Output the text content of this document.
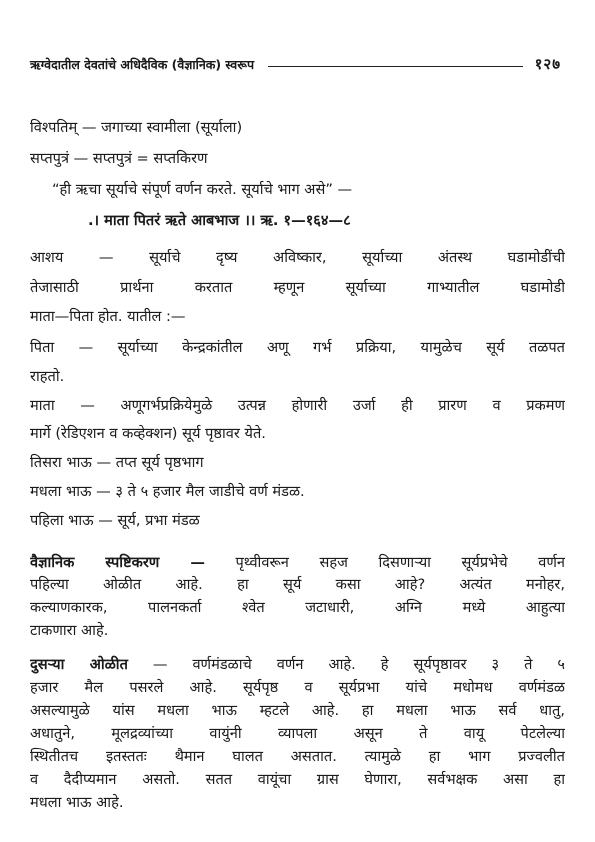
ऋग्वेदातील देवतांचे अधिदैविक (वैज्ञानिक) स्वरूप	१२७
विश्पतिम् — जगाच्या स्वामीला (सूर्याला)
सप्तपुत्रं — सप्तपुत्रं = सप्तकिरण
“ही ऋचा सूर्याचे संपूर्ण वर्णन करते. सूर्याचे भाग असे” —
.। माता पितरं ऋते आबभाज ।। ऋ. १—१६४—८
आशय — सूर्याचे दृष्य अविष्कार, सूर्याच्या अंतस्थ घडामोडींची
तेजासाठी प्रार्थना करतात म्हणून सूर्याच्या गाभ्यातील घडामोडी
माता—पिता होत. यातील :—
पिता — सूर्याच्या केन्द्रकांतील अणू गर्भ प्रक्रिया, यामुळेच सूर्य तळपत
राहतो.
माता — अणूगर्भप्रक्रियेमुळे उत्पन्न होणारी उर्जा ही प्रारण व प्रकमण
मार्गे (रेडिएशन व कव्हेक्शन) सूर्य पृष्ठावर येते.
तिसरा भाऊ — तप्त सूर्य पृष्ठभाग
मधला भाऊ — ३ ते ५ हजार मैल जाडीचे वर्ण मंडळ.
पहिला भाऊ — सूर्य, प्रभा मंडळ
वैज्ञानिक स्पष्टिकरण — पृथ्वीवरून सहज दिसणाऱ्या सूर्यप्रभेचे वर्णन
पहिल्या ओळीत आहे. हा सूर्य कसा आहे? अत्यंत मनोहर,
कल्याणकारक, पालनकर्ता श्वेत जटाधारी, अग्नि मध्ये आहुत्या
टाकणारा आहे.
दुसऱ्या ओळीत — वर्णमंडळाचे वर्णन आहे. हे सूर्यपृष्ठावर ३ ते ५
हजार मैल पसरले आहे. सूर्यपृष्ठ व सूर्यप्रभा यांचे मधोमध वर्णमंडळ
असल्यामुळे यांस मधला भाऊ म्हटले आहे. हा मधला भाऊ सर्व धातु,
अधातुने, मूलद्रव्यांच्या वायुंनी व्यापला असून ते वायू पेटलेल्या
स्थितीतच इतस्ततः थैमान घालत असतात. त्यामुळे हा भाग प्रज्वलीत
व दैदीप्यमान असतो. सतत वायूंचा ग्रास घेणारा, सर्वभक्षक असा हा
मधला भाऊ आहे.
